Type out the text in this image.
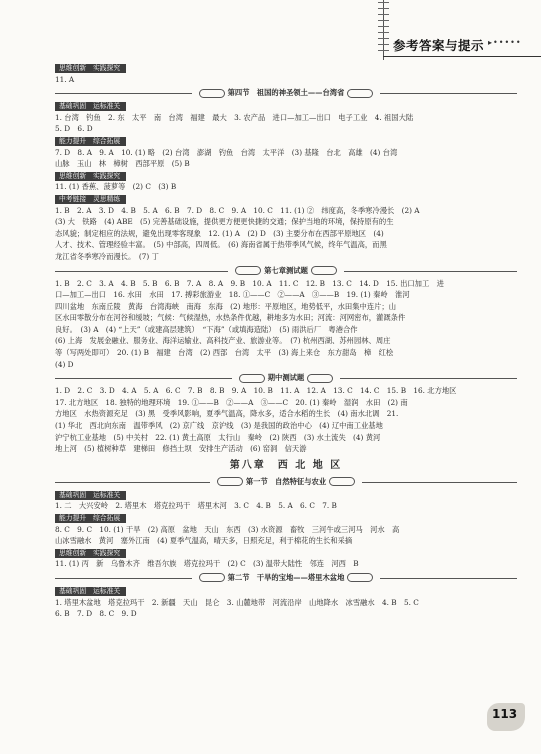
参考答案与提示 ▸•••••
思维创新　实践探究
11. A
第四节　祖国的神圣领土——台湾省
基础巩固　运标准关
1. 台湾　钓鱼　2. 东　太平　南　台湾　福建　最大　3. 农产品　进口—加工—出口　电子工业　4. 祖国大陆
5. D　6. D
能力提升　综合拓展
7. D　8. A　9. A　10. (1) 略　(2) 台湾　澎湖　钓鱼　台湾　太平洋　(3) 基隆　台北　高雄　(4) 台湾
山脉　玉山　林　樟树　西部平原　(5) B
思维创新　实践探究
11. (1) 香蕉、菠萝等　(2) C　(3) B
中考链接　灵思精练
1. B　2. A　3. D　4. B　5. A　6. B　7. D　8. C　9. A　10. C　11. (1) ②　纬度高，冬季寒冷漫长　(2) A
(3) 大　铁路　(4) ABE　(5) 完善基础设施，提供更方便更快捷的交通；保护当地的环境，保持原有的生
态风貌；制定相应的法规，避免出现零客现象　12. (1) A　(2) D　(3) 主要分布在西部平原地区　(4)
人才、技术、管理经验丰富。　(5) 中部高，四周低。　(6) 海南省属于热带季风气候，终年气温高，而黑
龙江省冬季寒冷而漫长。　(7) 丁
第七章测试题
1. B　2. C　3. A　4. B　5. B　6. B　7. A　8. A　9. B　10. A　11. C　12. B　13. C　14. D　15. 出口加工　进
口—加工—出口　16. 水田　水田　17. 搏彩旅游业　18. ①——C　②——A　③——B　19. (1) 秦岭　淮河
四川盆地　东南丘陵　黄海　台湾海峡　南海　东海　(2) 地形：平原地区，地势低平，水田集中连片；山
区水田零散分布在河谷和缓坡；气候：气候湿热，水热条件优越，耕地多为水田；河流：河网密布，灌溉条件
良好。　(3) A　(4) “上天”（或建高层建筑）　“下海”（或填海造陆）　(5) 雨洪后厂　粤港合作
(6) 上海　发展金融业、服务业、海洋运输业、高科技产业、旅游业等。　(7) 杭州西湖、苏州园林、周庄
等（写两处即可）　20. (1) B　福建　台湾　(2) 西部　台湾　太平　(3) 海上来仓　东方甜岛　樟　红桧
(4) D
期中测试题
1. D　2. C　3. D　4. A　5. A　6. C　7. B　8. B　9. A　10. B　11. A　12. A　13. C　14. C　15. B　16. 北方地区
17. 北方地区　18. 独特的地理环境　19. ①——B　②——A　③——C　20. (1) 秦岭　湿润　水田　(2) 南
方地区　水热资源充足　(3) 黑　受季风影响，夏季气温高，降水多，适合水稻的生长　(4) 南水北调　21.
(1) 华北　西北向东南　温带季风　(2) 京广线　京沪线　(3) 是我国的政治中心　(4) 辽中南工业基地
沪宁杭工业基地　(5) 中关村　22. (1) 黄土高原　太行山　秦岭　(2) 陕西　(3) 水土流失　(4) 黄河
地上河　(5) 植树种草　建梯田　修挡土坝　安排生产活动　(6) 窑洞　信天游
第八章　西 北 地 区
第一节　自然特征与农业
基础巩固　运标准关
1. 二　大兴安岭　2. 塔里木　塔克拉玛干　塔里木河　3. C　4. B　5. A　6. C　7. B
能力提升　综合拓展
8. C　9. C　10. (1) 干旱　(2) 高原　盆地　天山　东西　(3) 水资源　畜牧　三河牛或三河马　河水　高
山冰雪融水　黄河　塞外江南　(4) 夏季气温高，晴天多，日照充足，利于棉花的生长和采摘
思维创新　实践探究
11. (1) 丙　新　乌鲁木齐　维吾尔族　塔克拉玛干　(2) C　(3) 温带大陆性　邻连　河西　B
第二节　干旱的宝地——塔里木盆地
基础巩固　运标准关
1. 塔里木盆地　塔克拉玛干　2. 新疆　天山　昆仑　3. 山麓地带　河流沿岸　山地降水　冰雪融水　4. B　5. C
6. B　7. D　8. C　9. D
113
